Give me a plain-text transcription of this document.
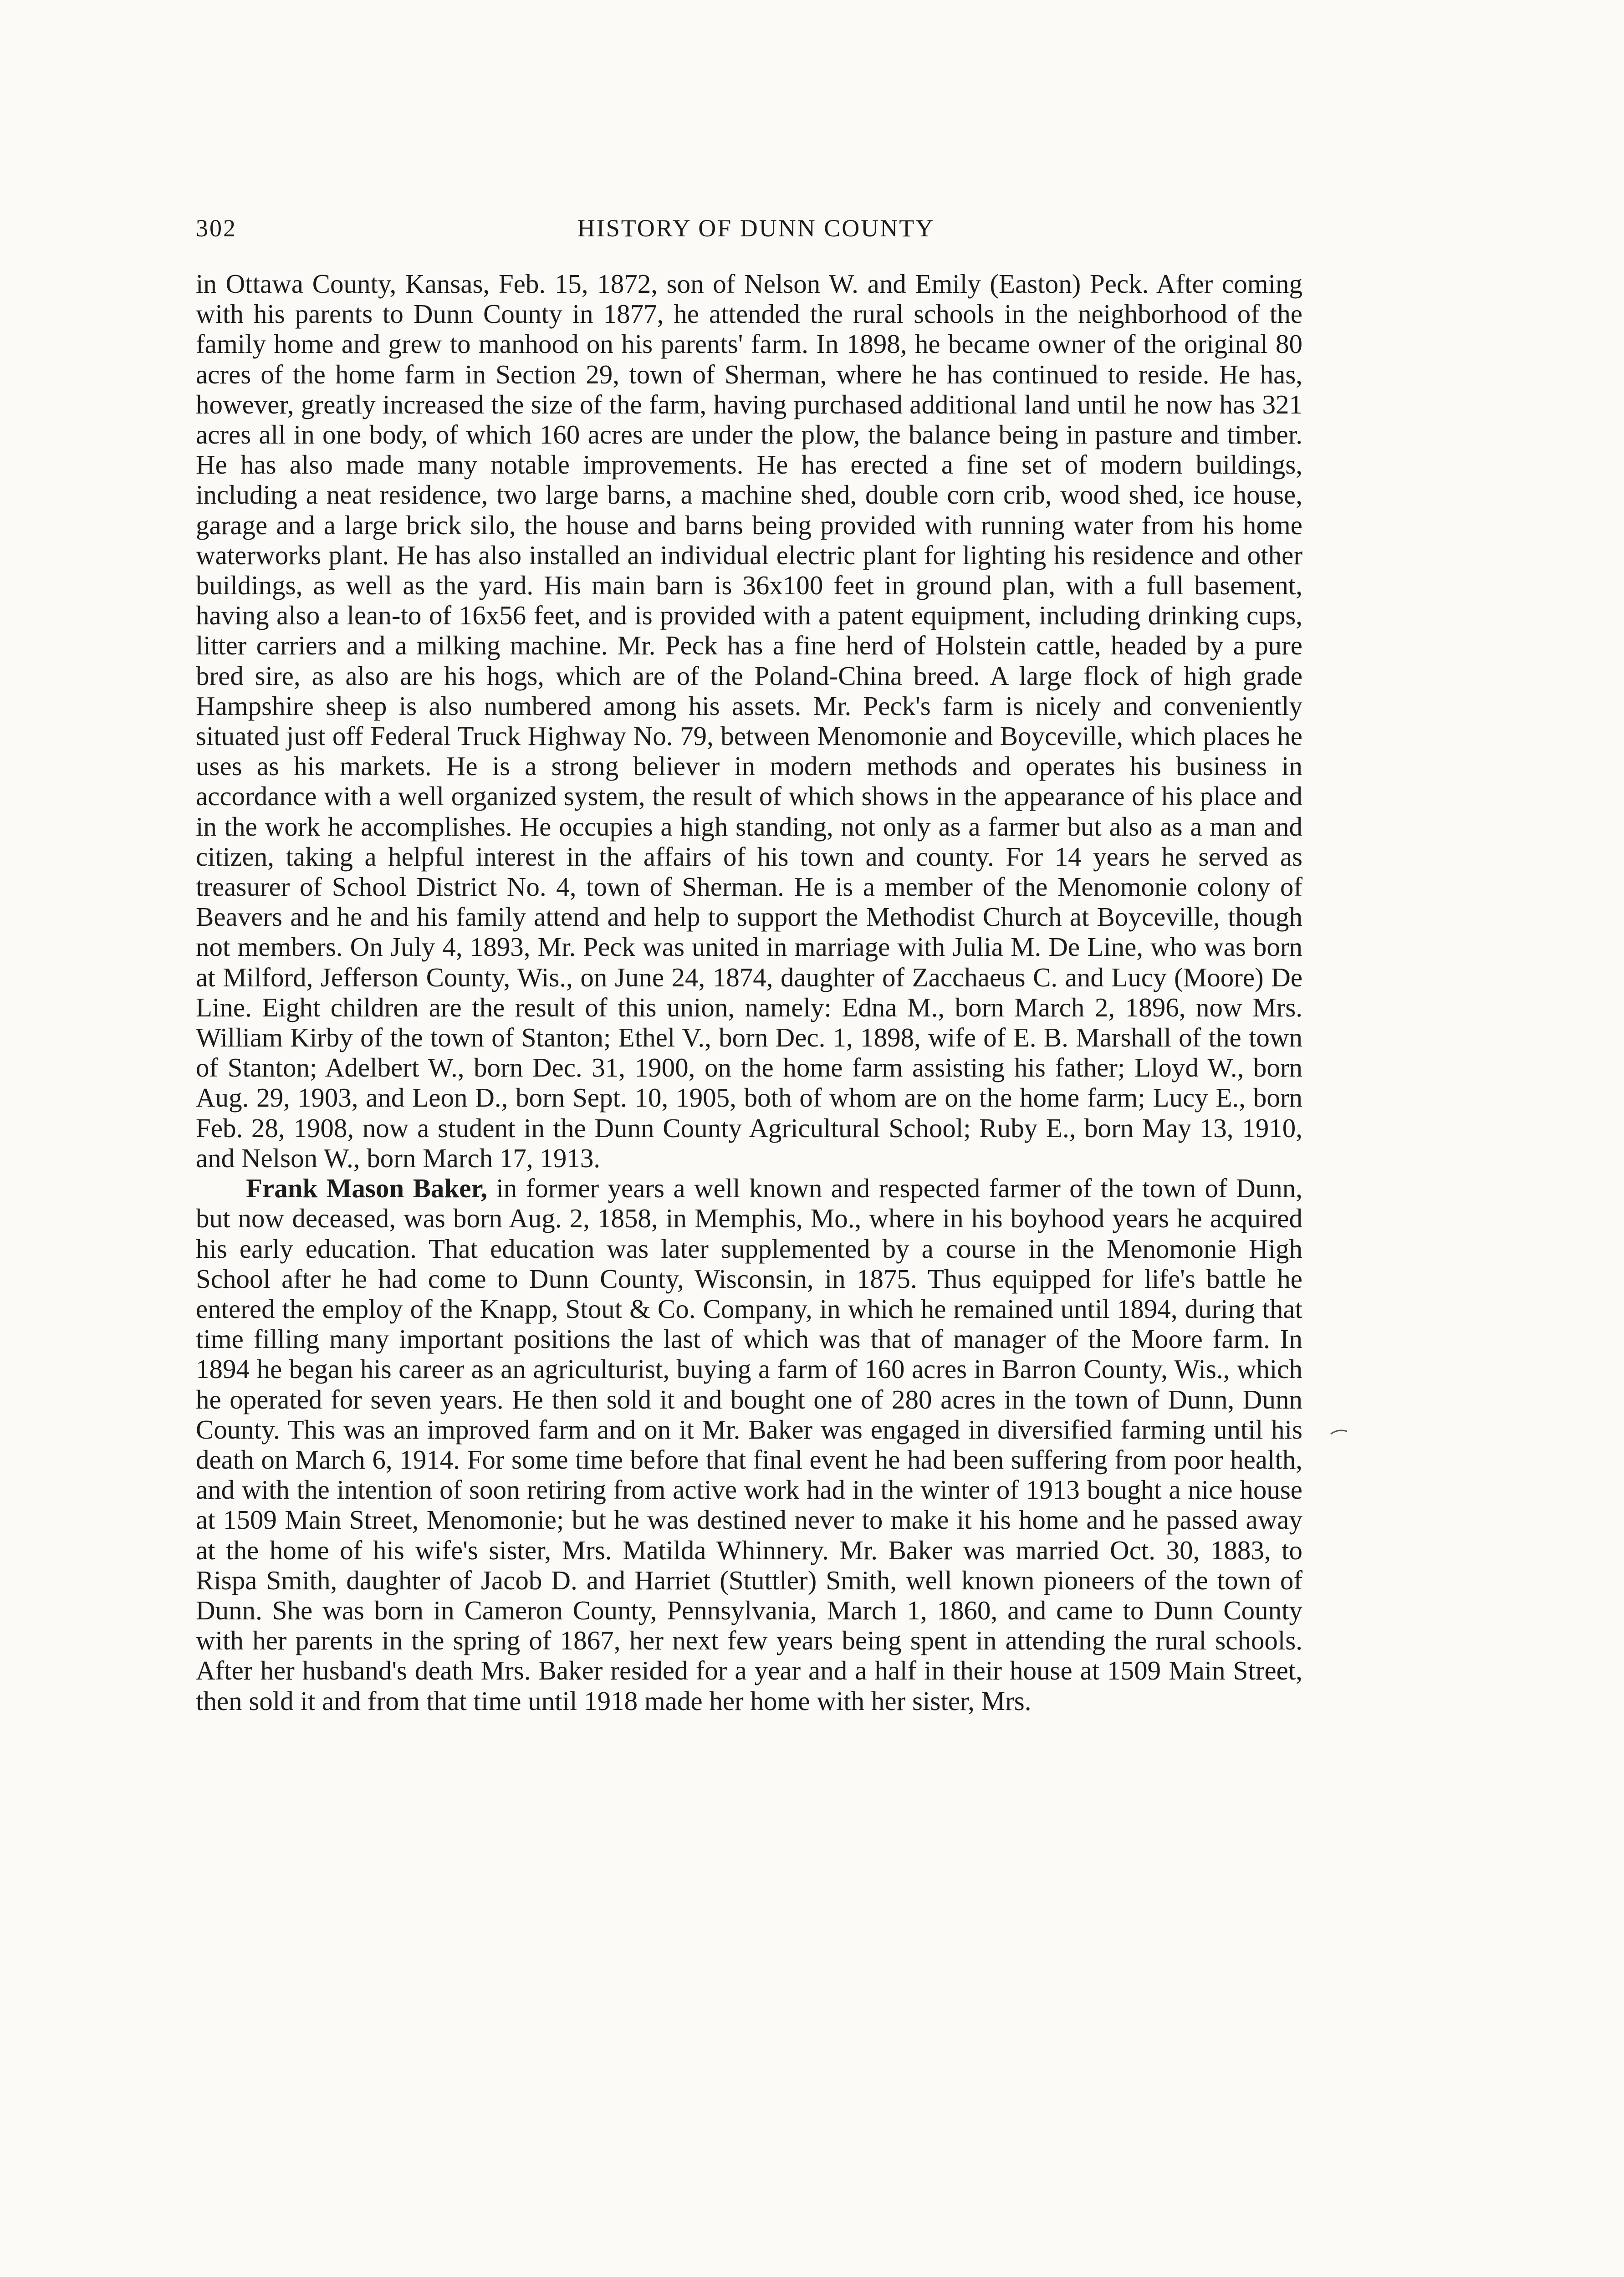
302	HISTORY OF DUNN COUNTY

in Ottawa County, Kansas, Feb. 15, 1872, son of Nelson W. and Emily (Easton) Peck. After coming with his parents to Dunn County in 1877, he attended the rural schools in the neighborhood of the family home and grew to manhood on his parents' farm. In 1898, he became owner of the original 80 acres of the home farm in Section 29, town of Sherman, where he has continued to reside. He has, however, greatly increased the size of the farm, having purchased additional land until he now has 321 acres all in one body, of which 160 acres are under the plow, the balance being in pasture and timber. He has also made many notable improvements. He has erected a fine set of modern buildings, including a neat residence, two large barns, a machine shed, double corn crib, wood shed, ice house, garage and a large brick silo, the house and barns being provided with running water from his home waterworks plant. He has also installed an individual electric plant for lighting his residence and other buildings, as well as the yard. His main barn is 36x100 feet in ground plan, with a full basement, having also a lean-to of 16x56 feet, and is provided with a patent equipment, including drinking cups, litter carriers and a milking machine. Mr. Peck has a fine herd of Holstein cattle, headed by a pure bred sire, as also are his hogs, which are of the Poland-China breed. A large flock of high grade Hampshire sheep is also numbered among his assets. Mr. Peck's farm is nicely and conveniently situated just off Federal Truck Highway No. 79, between Menomonie and Boyceville, which places he uses as his markets. He is a strong believer in modern methods and operates his business in accordance with a well organized system, the result of which shows in the appearance of his place and in the work he accomplishes. He occupies a high standing, not only as a farmer but also as a man and citizen, taking a helpful interest in the affairs of his town and county. For 14 years he served as treasurer of School District No. 4, town of Sherman. He is a member of the Menomonie colony of Beavers and he and his family attend and help to support the Methodist Church at Boyceville, though not members. On July 4, 1893, Mr. Peck was united in marriage with Julia M. De Line, who was born at Milford, Jefferson County, Wis., on June 24, 1874, daughter of Zacchaeus C. and Lucy (Moore) De Line. Eight children are the result of this union, namely: Edna M., born March 2, 1896, now Mrs. William Kirby of the town of Stanton; Ethel V., born Dec. 1, 1898, wife of E. B. Marshall of the town of Stanton; Adelbert W., born Dec. 31, 1900, on the home farm assisting his father; Lloyd W., born Aug. 29, 1903, and Leon D., born Sept. 10, 1905, both of whom are on the home farm; Lucy E., born Feb. 28, 1908, now a student in the Dunn County Agricultural School; Ruby E., born May 13, 1910, and Nelson W., born March 17, 1913.

Frank Mason Baker, in former years a well known and respected farmer of the town of Dunn, but now deceased, was born Aug. 2, 1858, in Memphis, Mo., where in his boyhood years he acquired his early education. That education was later supplemented by a course in the Menomonie High School after he had come to Dunn County, Wisconsin, in 1875. Thus equipped for life's battle he entered the employ of the Knapp, Stout & Co. Company, in which he remained until 1894, during that time filling many important positions the last of which was that of manager of the Moore farm. In 1894 he began his career as an agriculturist, buying a farm of 160 acres in Barron County, Wis., which he operated for seven years. He then sold it and bought one of 280 acres in the town of Dunn, Dunn County. This was an improved farm and on it Mr. Baker was engaged in diversified farming until his death on March 6, 1914. For some time before that final event he had been suffering from poor health, and with the intention of soon retiring from active work had in the winter of 1913 bought a nice house at 1509 Main Street, Menomonie; but he was destined never to make it his home and he passed away at the home of his wife's sister, Mrs. Matilda Whinnery. Mr. Baker was married Oct. 30, 1883, to Rispa Smith, daughter of Jacob D. and Harriet (Stuttler) Smith, well known pioneers of the town of Dunn. She was born in Cameron County, Pennsylvania, March 1, 1860, and came to Dunn County with her parents in the spring of 1867, her next few years being spent in attending the rural schools. After her husband's death Mrs. Baker resided for a year and a half in their house at 1509 Main Street, then sold it and from that time until 1918 made her home with her sister, Mrs.
